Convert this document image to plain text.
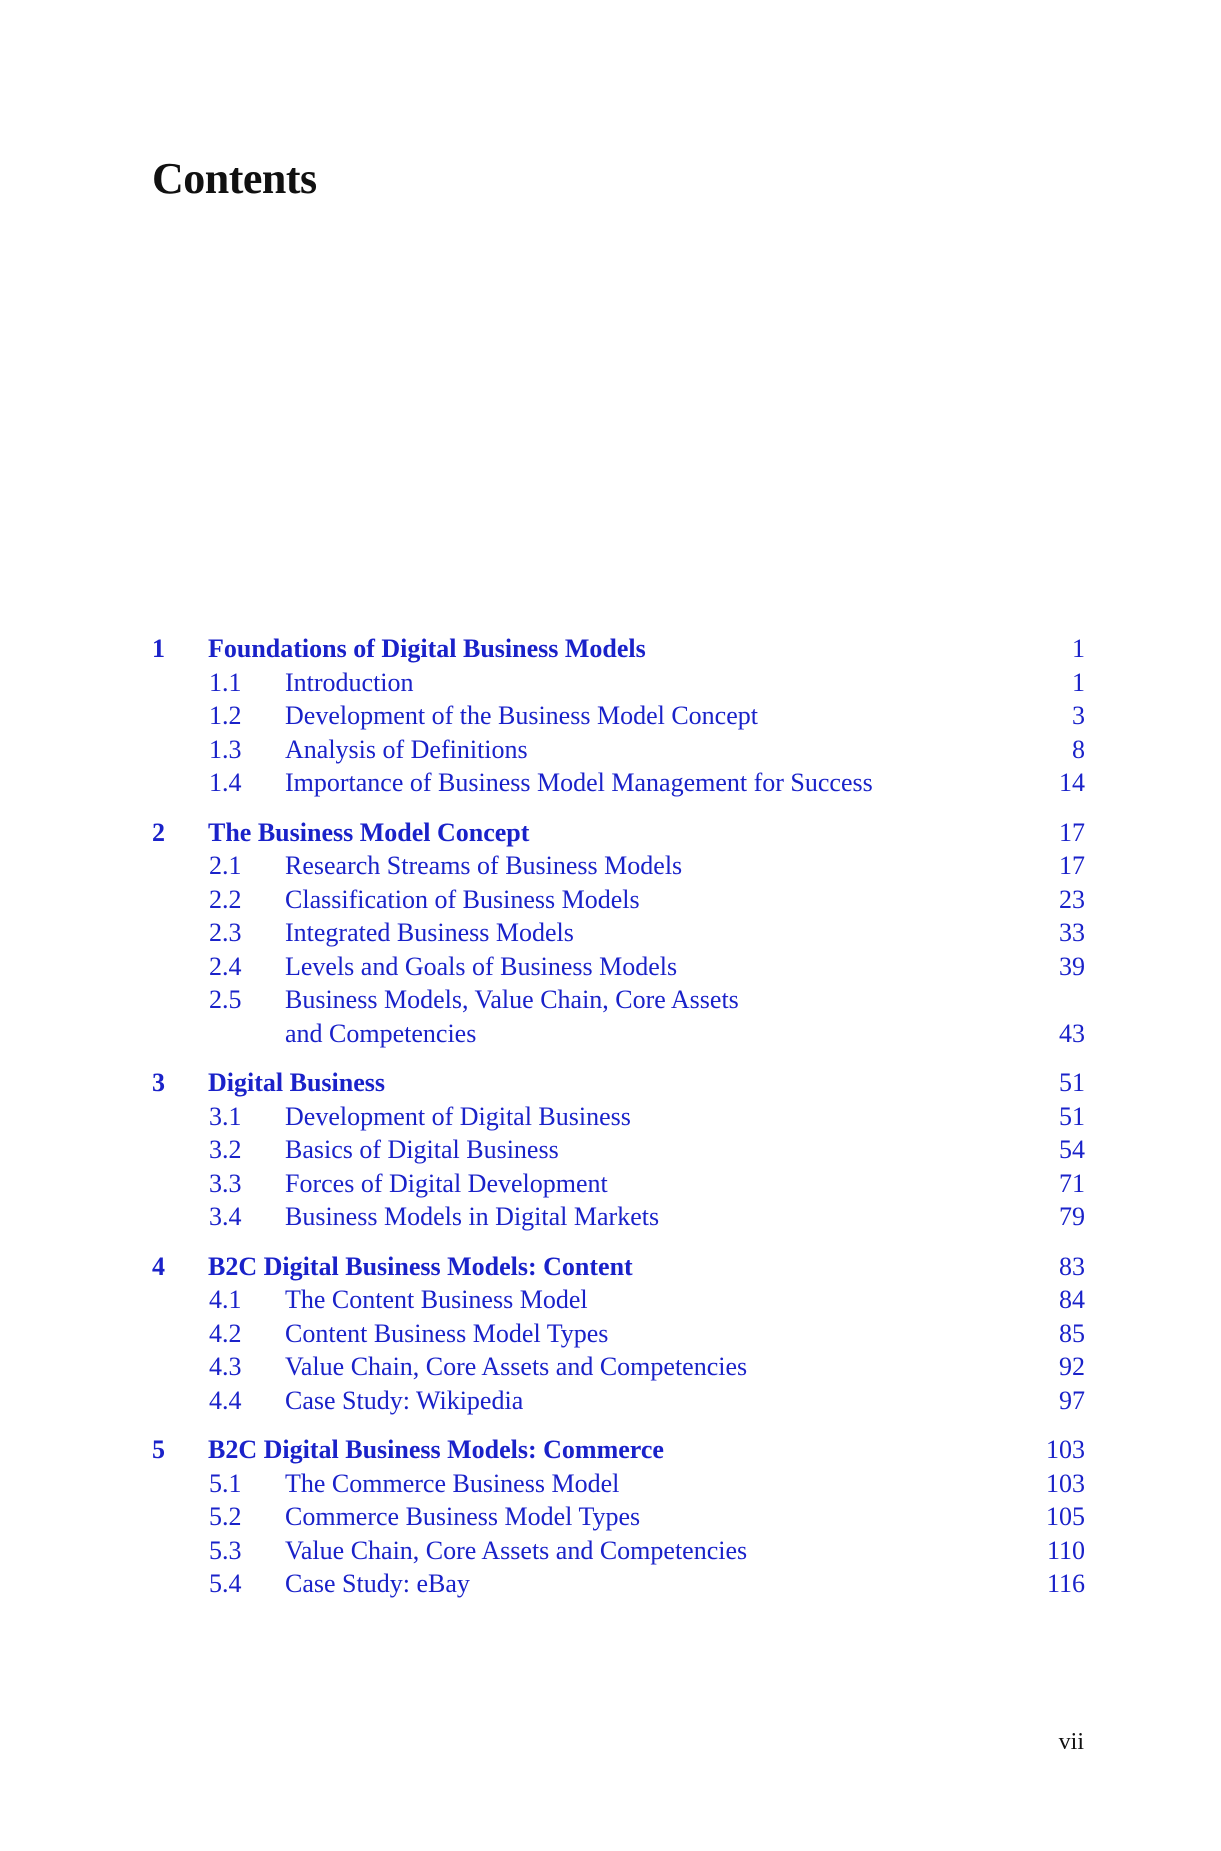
Contents
1 Foundations of Digital Business Models	1
1.1 Introduction	1
1.2 Development of the Business Model Concept	3
1.3 Analysis of Definitions	8
1.4 Importance of Business Model Management for Success	14
2 The Business Model Concept	17
2.1 Research Streams of Business Models	17
2.2 Classification of Business Models	23
2.3 Integrated Business Models	33
2.4 Levels and Goals of Business Models	39
2.5 Business Models, Value Chain, Core Assets
and Competencies	43
3 Digital Business	51
3.1 Development of Digital Business	51
3.2 Basics of Digital Business	54
3.3 Forces of Digital Development	71
3.4 Business Models in Digital Markets	79
4 B2C Digital Business Models: Content	83
4.1 The Content Business Model	84
4.2 Content Business Model Types	85
4.3 Value Chain, Core Assets and Competencies	92
4.4 Case Study: Wikipedia	97
5 B2C Digital Business Models: Commerce	103
5.1 The Commerce Business Model	103
5.2 Commerce Business Model Types	105
5.3 Value Chain, Core Assets and Competencies	110
5.4 Case Study: eBay	116
vii
